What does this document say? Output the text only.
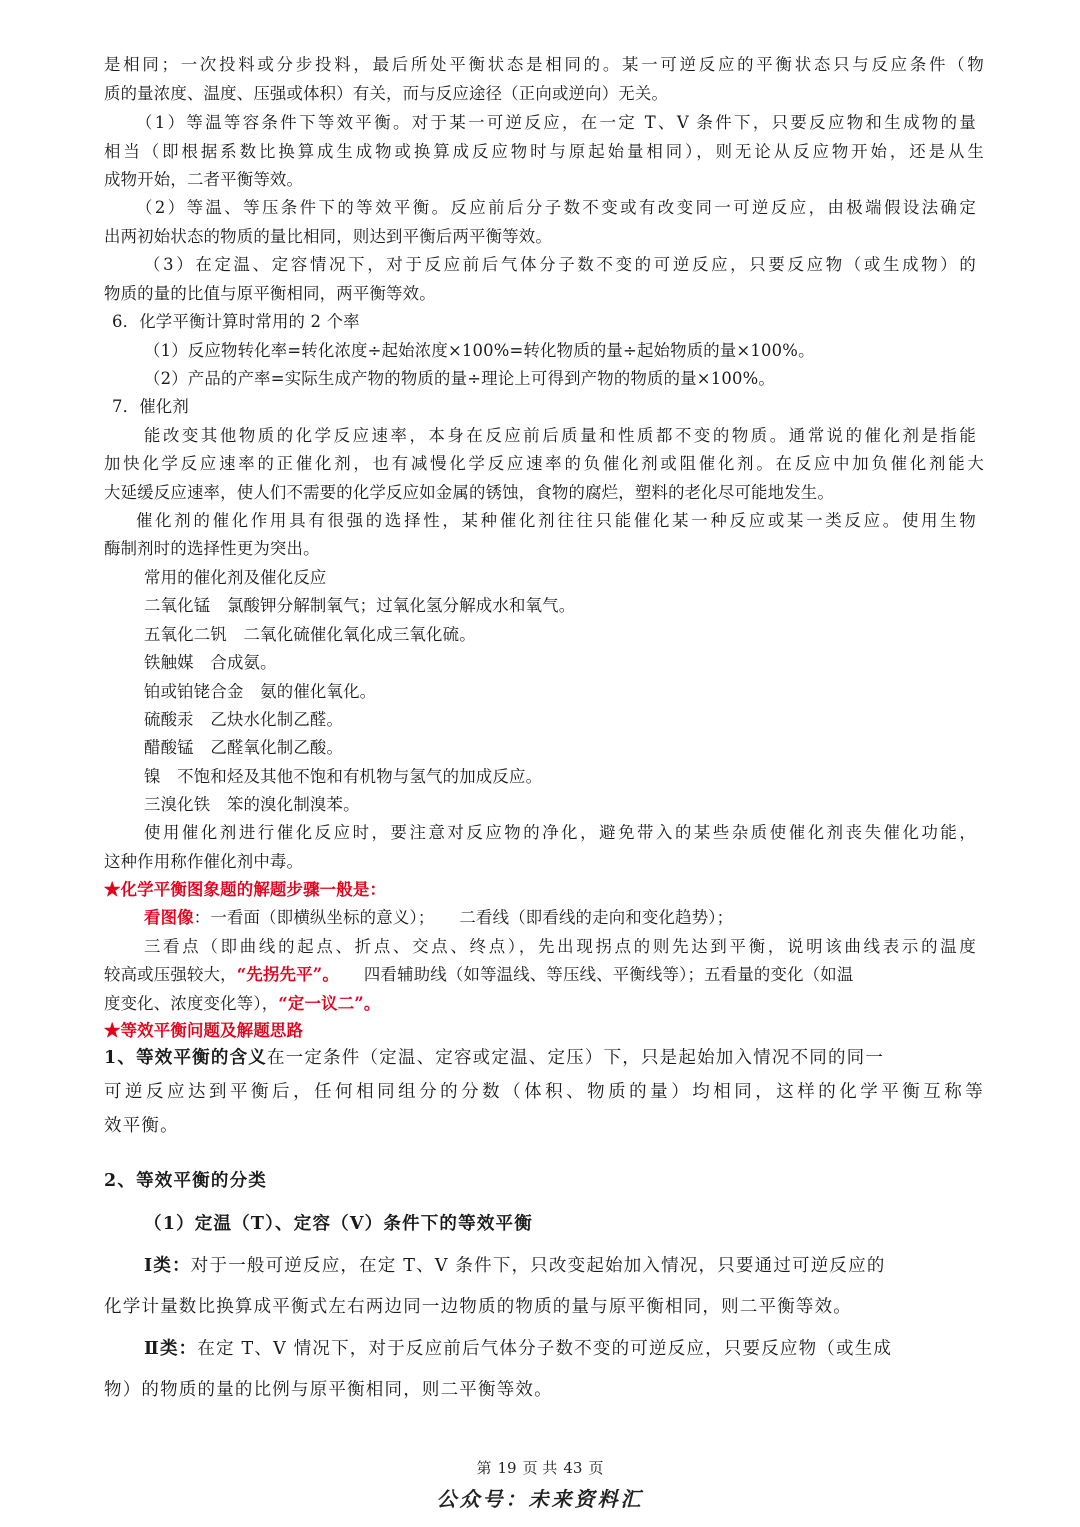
是相同；一次投料或分步投料，最后所处平衡状态是相同的。某一可逆反应的平衡状态只与反应条件（物
质的量浓度、温度、压强或体积）有关，而与反应途径（正向或逆向）无关。
（1）等温等容条件下等效平衡。对于某一可逆反应，在一定 T、V 条件下，只要反应物和生成物的量
相当（即根据系数比换算成生成物或换算成反应物时与原起始量相同），则无论从反应物开始，还是从生
成物开始，二者平衡等效。
（2）等温、等压条件下的等效平衡。反应前后分子数不变或有改变同一可逆反应，由极端假设法确定
出两初始状态的物质的量比相同，则达到平衡后两平衡等效。
（3）在定温、定容情况下，对于反应前后气体分子数不变的可逆反应，只要反应物（或生成物）的
物质的量的比值与原平衡相同，两平衡等效。
6．化学平衡计算时常用的 2 个率
（1）反应物转化率=转化浓度÷起始浓度×100%=转化物质的量÷起始物质的量×100%。
（2）产品的产率=实际生成产物的物质的量÷理论上可得到产物的物质的量×100%。
7．催化剂
能改变其他物质的化学反应速率，本身在反应前后质量和性质都不变的物质。通常说的催化剂是指能
加快化学反应速率的正催化剂，也有减慢化学反应速率的负催化剂或阻催化剂。在反应中加负催化剂能大
大延缓反应速率，使人们不需要的化学反应如金属的锈蚀，食物的腐烂，塑料的老化尽可能地发生。
催化剂的催化作用具有很强的选择性，某种催化剂往往只能催化某一种反应或某一类反应。使用生物
酶制剂时的选择性更为突出。
常用的催化剂及催化反应
二氧化锰　氯酸钾分解制氧气；过氧化氢分解成水和氧气。
五氧化二钒　二氧化硫催化氧化成三氧化硫。
铁触媒　合成氨。
铂或铂铑合金　氨的催化氧化。
硫酸汞　乙炔水化制乙醛。
醋酸锰　乙醛氧化制乙酸。
镍　不饱和烃及其他不饱和有机物与氢气的加成反应。
三溴化铁　笨的溴化制溴苯。
使用催化剂进行催化反应时，要注意对反应物的净化，避免带入的某些杂质使催化剂丧失催化功能，
这种作用称作催化剂中毒。
★化学平衡图象题的解题步骤一般是：
看图像：一看面（即横纵坐标的意义）；　　二看线（即看线的走向和变化趋势）；
三看点（即曲线的起点、折点、交点、终点），先出现拐点的则先达到平衡，说明该曲线表示的温度
较高或压强较大，“先拐先平”。　　四看辅助线（如等温线、等压线、平衡线等）；五看量的变化（如温
度变化、浓度变化等），“定一议二”。
★等效平衡问题及解题思路
1、等效平衡的含义在一定条件（定温、定容或定温、定压）下，只是起始加入情况不同的同一
可逆反应达到平衡后，任何相同组分的分数（体积、物质的量）均相同，这样的化学平衡互称等
效平衡。
2、等效平衡的分类
（1）定温（T）、定容（V）条件下的等效平衡
Ⅰ类：对于一般可逆反应，在定 T、V 条件下，只改变起始加入情况，只要通过可逆反应的
化学计量数比换算成平衡式左右两边同一边物质的物质的量与原平衡相同，则二平衡等效。
Ⅱ类：在定 T、V 情况下，对于反应前后气体分子数不变的可逆反应，只要反应物（或生成
物）的物质的量的比例与原平衡相同，则二平衡等效。
第 19 页 共 43 页
公众号：未来资料汇
